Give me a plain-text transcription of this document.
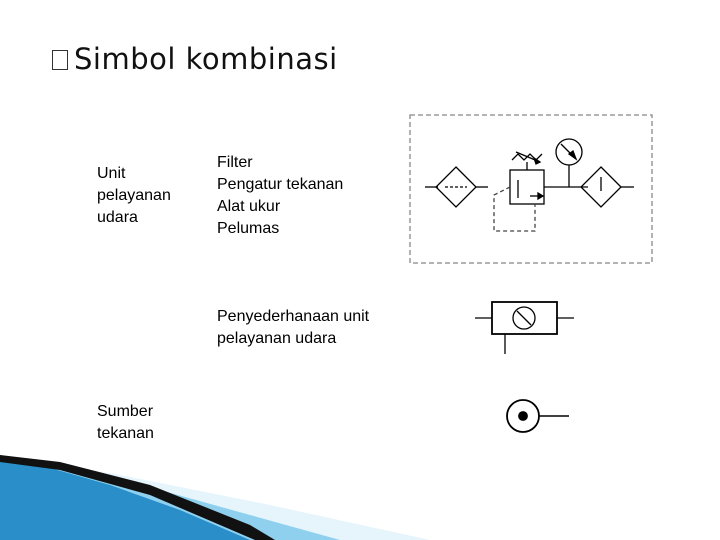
Simbol kombinasi
Unit
pelayanan
udara
Filter
Pengatur tekanan
Alat ukur
Pelumas
Penyederhanaan unit
pelayanan udara
Sumber
tekanan
